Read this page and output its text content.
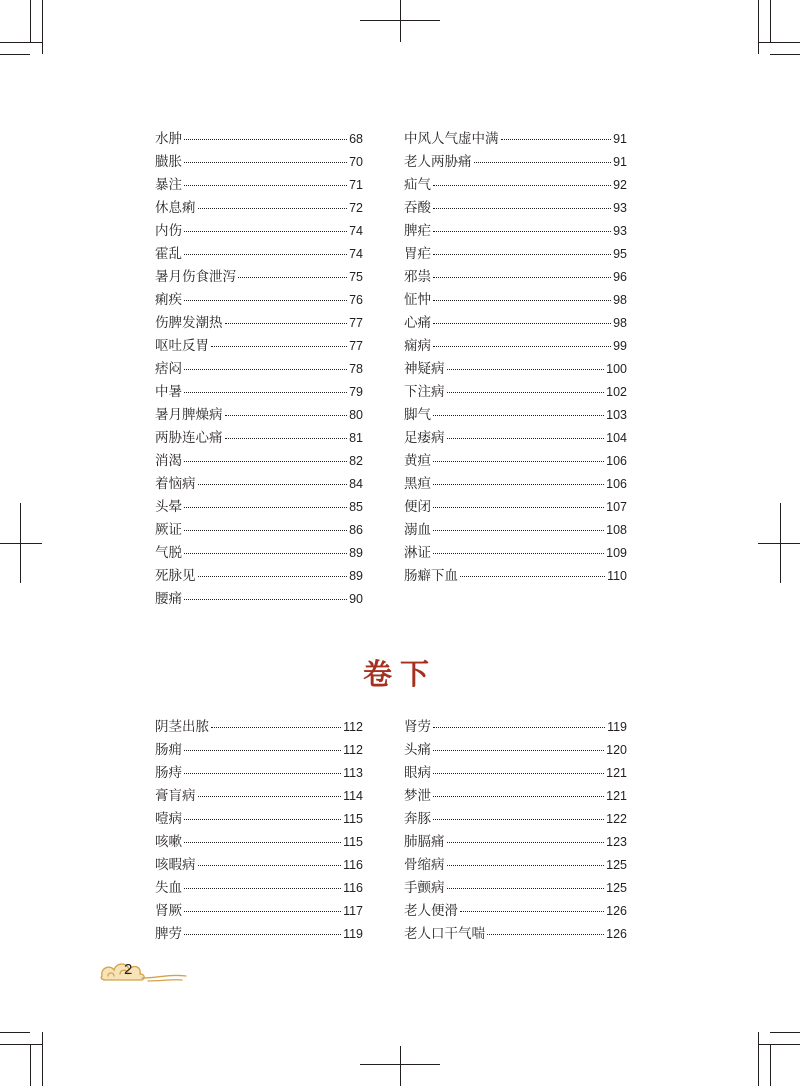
水肿	68
臌胀	70
暴注	71
休息痢	72
内伤	74
霍乱	74
暑月伤食泄泻	75
痢疾	76
伤脾发潮热	77
呕吐反胃	77
痞闷	78
中暑	79
暑月脾燥病	80
两胁连心痛	81
消渴	82
着恼病	84
头晕	85
厥证	86
气脱	89
死脉见	89
腰痛	90
中风人气虚中满	91
老人两胁痛	91
疝气	92
吞酸	93
脾疟	93
胃疟	95
邪祟	96
怔忡	98
心痛	98
痫病	99
神疑病	100
下注病	102
脚气	103
足痿病	104
黄疸	106
黑疸	106
便闭	107
溺血	108
淋证	109
肠癖下血	110
卷下
阴茎出脓	112
肠痈	112
肠痔	113
膏肓病	114
噎病	115
咳嗽	115
咳暇病	116
失血	116
肾厥	117
脾劳	119
肾劳	119
头痛	120
眼病	121
梦泄	121
奔豚	122
肺膈痛	123
骨缩病	125
手颤病	125
老人便滑	126
老人口干气喘	126
2
